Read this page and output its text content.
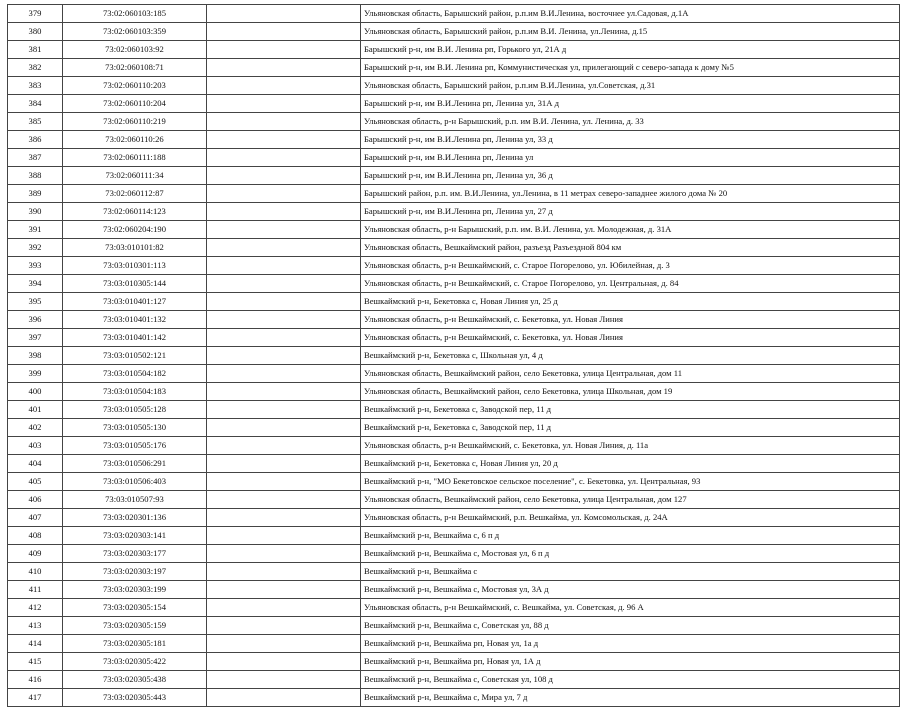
379	73:02:060103:185		Ульяновская область, Барышский район, р.п.им В.И.Ленина, восточнее ул.Садовая, д.1А
380	73:02:060103:359		Ульяновская область, Барышский район, р.п.им В.И. Ленина, ул.Ленина, д.15
381	73:02:060103:92		Барышский р-н, им В.И. Ленина рп, Горького ул, 21А д
382	73:02:060108:71		Барышский р-н, им В.И. Ленина рп, Коммунистическая ул, прилегающий с северо-запада к дому №5
383	73:02:060110:203		Ульяновская область, Барышский район, р.п.им В.И.Ленина, ул.Советская, д.31
384	73:02:060110:204		Барышский р-н, им В.И.Ленина рп, Ленина ул, 31А д
385	73:02:060110:219		Ульяновская область, р-н Барышский, р.п. им В.И. Ленина, ул. Ленина, д. 33
386	73:02:060110:26		Барышский р-н, им В.И.Ленина рп, Ленина ул, 33 д
387	73:02:060111:188		Барышский р-н, им В.И.Ленина рп, Ленина ул
388	73:02:060111:34		Барышский р-н, им В.И.Ленина рп, Ленина ул, 36 д
389	73:02:060112:87		Барышский район, р.п. им. В.И.Ленина, ул.Ленина, в 11 метрах северо-западнее жилого дома № 20
390	73:02:060114:123		Барышский р-н, им В.И.Ленина рп, Ленина ул, 27 д
391	73:02:060204:190		Ульяновская область, р-н Барышский, р.п. им. В.И. Ленина, ул. Молодежная, д. 31А
392	73:03:010101:82		Ульяновская область, Вешкаймский район, разъезд Разъездной 804 км
393	73:03:010301:113		Ульяновская область, р-н Вешкаймский, с. Старое Погорелово, ул. Юбилейная, д. 3
394	73:03:010305:144		Ульяновская область, р-н Вешкаймский, с. Старое Погорелово, ул. Центральная, д. 84
395	73:03:010401:127		Вешкаймский р-н, Бекетовка с, Новая Линия ул, 25 д
396	73:03:010401:132		Ульяновская область, р-н Вешкаймский, с. Бекетовка, ул. Новая Линия
397	73:03:010401:142		Ульяновская область, р-н Вешкаймский, с. Бекетовка, ул. Новая Линия
398	73:03:010502:121		Вешкаймский р-н, Бекетовка с, Школьная ул, 4 д
399	73:03:010504:182		Ульяновская область, Вешкаймский район, село Бекетовка, улица Центральная, дом 11
400	73:03:010504:183		Ульяновская область, Вешкаймский район, село Бекетовка, улица Школьная, дом 19
401	73:03:010505:128		Вешкаймский р-н, Бекетовка с, Заводской пер, 11 д
402	73:03:010505:130		Вешкаймский р-н, Бекетовка с, Заводской пер, 11 д
403	73:03:010505:176		Ульяновская область, р-н Вешкаймский, с. Бекетовка, ул. Новая Линия, д. 11а
404	73:03:010506:291		Вешкаймский р-н, Бекетовка с, Новая Линия ул, 20 д
405	73:03:010506:403		Вешкаймский р-н, "МО Бекетовское сельское поселение", с. Бекетовка, ул. Центральная, 93
406	73:03:010507:93		Ульяновская область, Вешкаймский район, село Бекетовка, улица Центральная, дом 127
407	73:03:020301:136		Ульяновская область, р-н Вешкаймский, р.п. Вешкайма, ул. Комсомольская, д. 24А
408	73:03:020303:141		Вешкаймский р-н, Вешкайма с, 6 п д
409	73:03:020303:177		Вешкаймский р-н, Вешкайма с, Мостовая ул, 6 п д
410	73:03:020303:197		Вешкаймский р-н, Вешкайма с
411	73:03:020303:199		Вешкаймский р-н, Вешкайма с, Мостовая ул, 3А д
412	73:03:020305:154		Ульяновская область, р-н Вешкаймский, с. Вешкайма, ул. Советская, д. 96 А
413	73:03:020305:159		Вешкаймский р-н, Вешкайма с, Советская ул, 88 д
414	73:03:020305:181		Вешкаймский р-н, Вешкайма рп, Новая ул, 1а д
415	73:03:020305:422		Вешкаймский р-н, Вешкайма рп, Новая ул, 1А д
416	73:03:020305:438		Вешкаймский р-н, Вешкайма с, Советская ул, 108 д
417	73:03:020305:443		Вешкаймский р-н, Вешкайма с, Мира ул, 7 д
